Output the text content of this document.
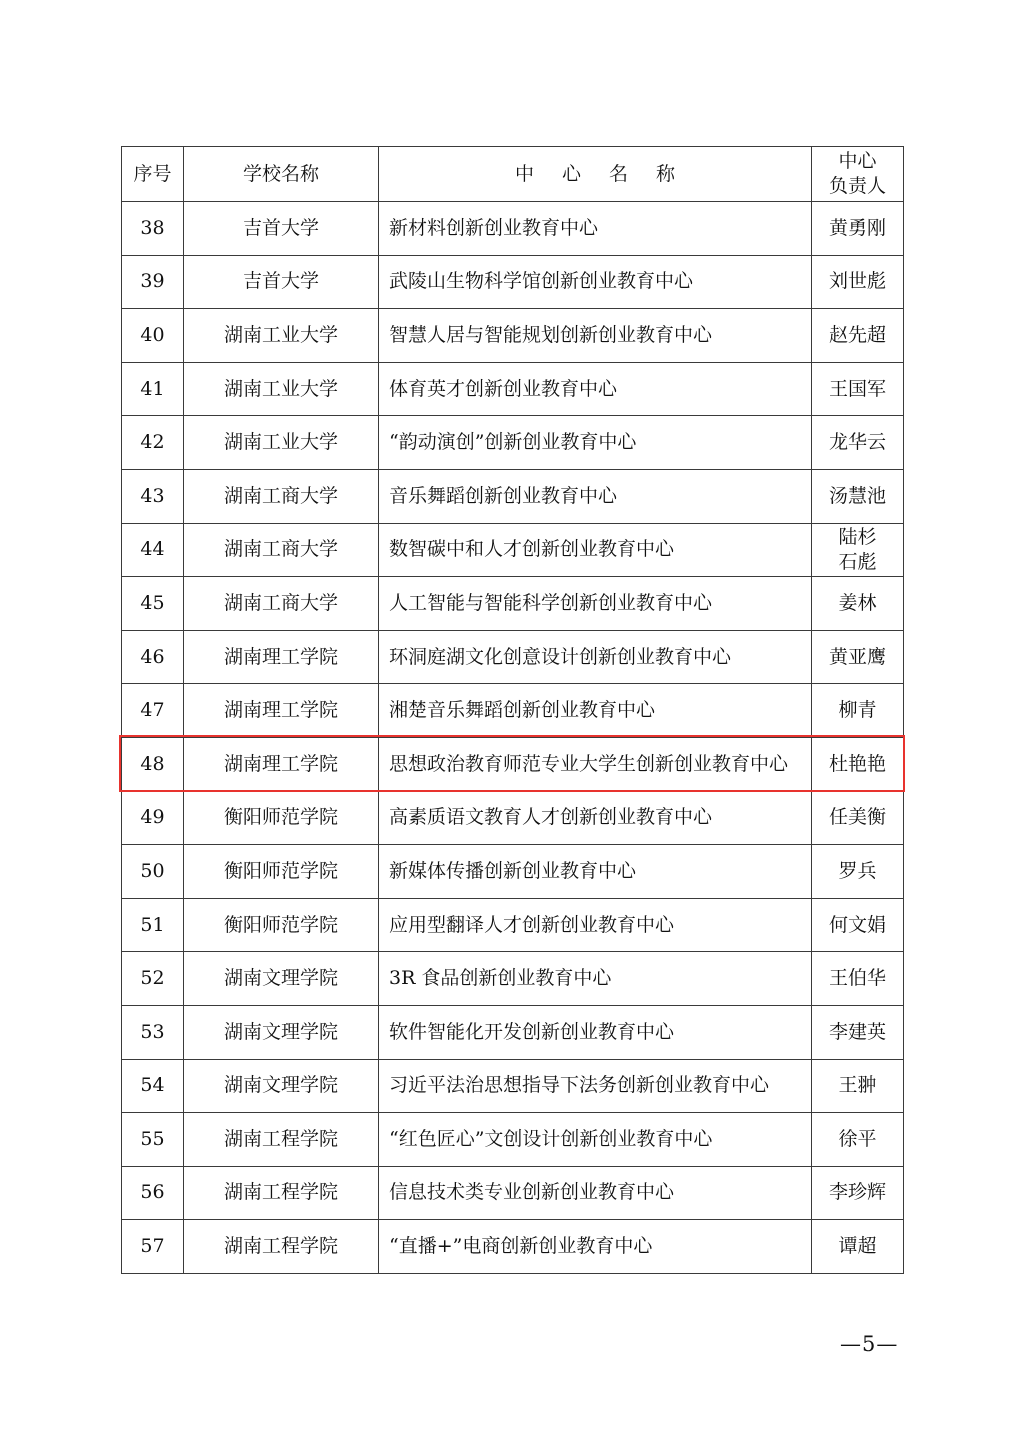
序号	学校名称	中心名称	中心
负责人

38	吉首大学	新材料创新创业教育中心	黄勇刚
39	吉首大学	武陵山生物科学馆创新创业教育中心	刘世彪
40	湖南工业大学	智慧人居与智能规划创新创业教育中心	赵先超
41	湖南工业大学	体育英才创新创业教育中心	王国军
42	湖南工业大学	“韵动演创”创新创业教育中心	龙华云
43	湖南工商大学	音乐舞蹈创新创业教育中心	汤慧池
44	湖南工商大学	数智碳中和人才创新创业教育中心	陆杉
石彪

45	湖南工商大学	人工智能与智能科学创新创业教育中心	姜林
46	湖南理工学院	环洞庭湖文化创意设计创新创业教育中心	黄亚鹰
47	湖南理工学院	湘楚音乐舞蹈创新创业教育中心	柳青
48	湖南理工学院	思想政治教育师范专业大学生创新创业教育中心	杜艳艳
49	衡阳师范学院	高素质语文教育人才创新创业教育中心	任美衡
50	衡阳师范学院	新媒体传播创新创业教育中心	罗兵
51	衡阳师范学院	应用型翻译人才创新创业教育中心	何文娟
52	湖南文理学院	3R 食品创新创业教育中心	王伯华
53	湖南文理学院	软件智能化开发创新创业教育中心	李建英
54	湖南文理学院	习近平法治思想指导下法务创新创业教育中心	王翀
55	湖南工程学院	“红色匠心”文创设计创新创业教育中心	徐平
56	湖南工程学院	信息技术类专业创新创业教育中心	李珍辉
57	湖南工程学院	“直播+”电商创新创业教育中心	谭超
—5—
